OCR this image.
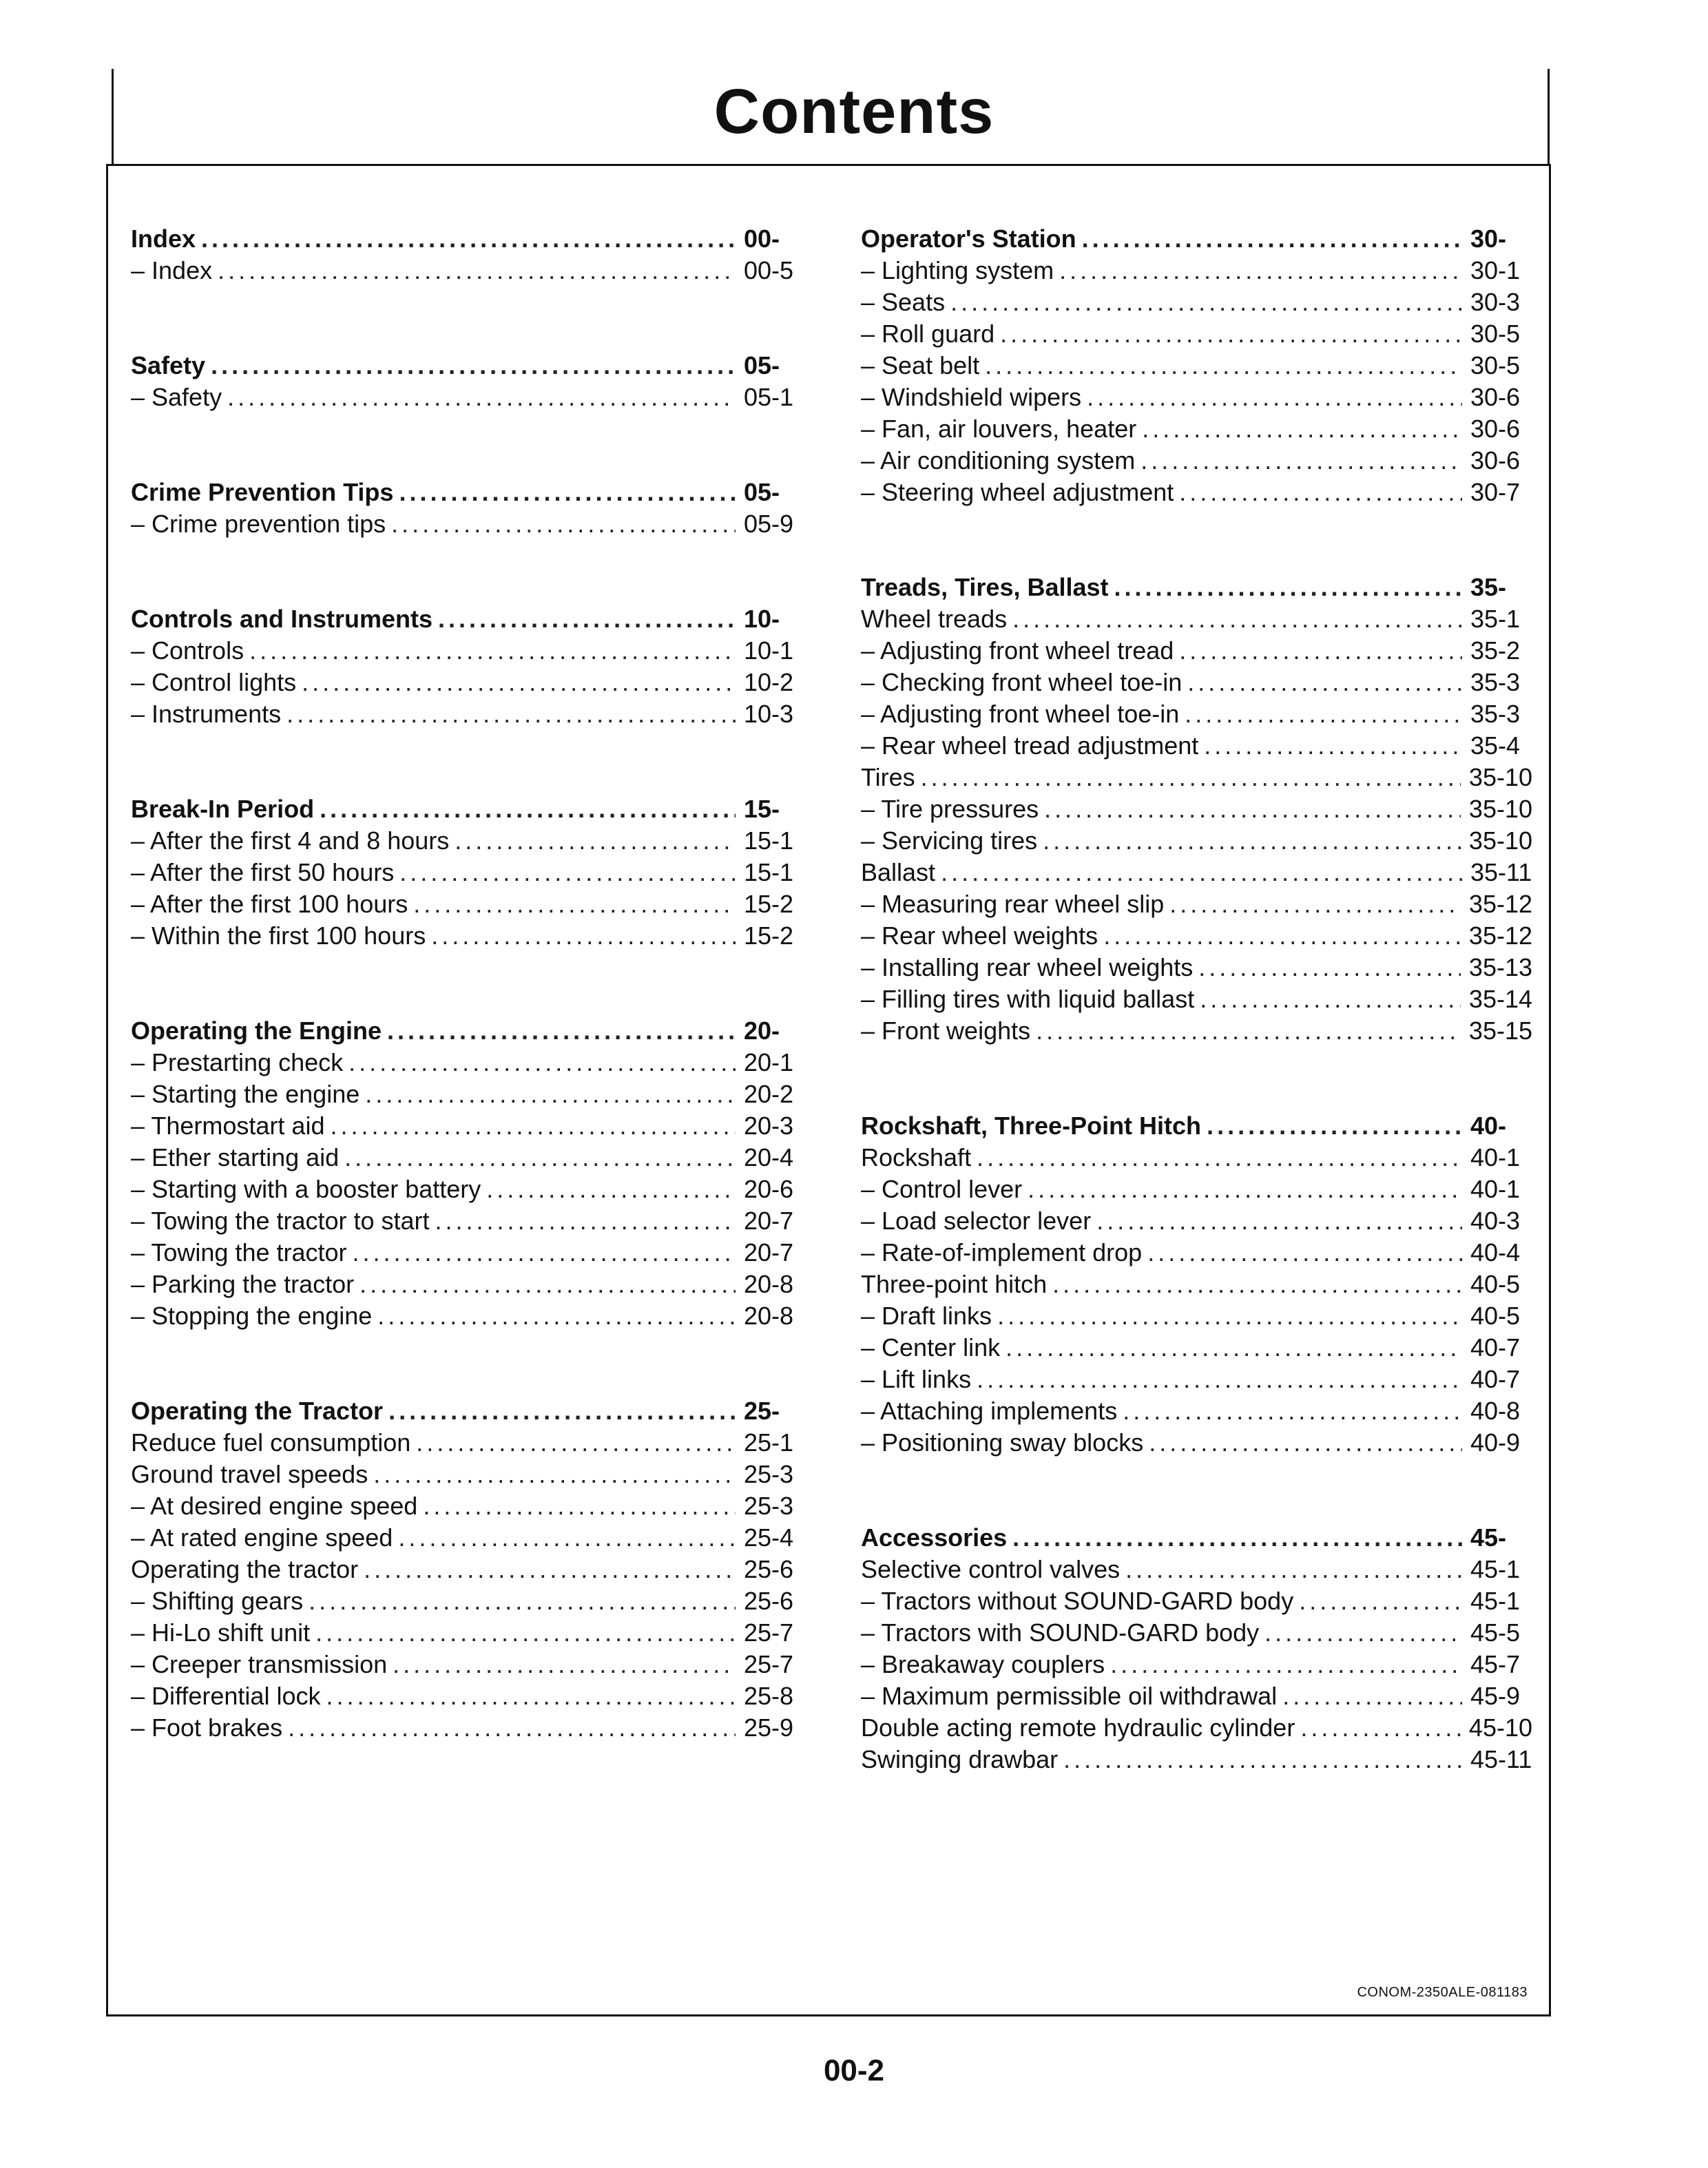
Contents
Index .....	00-
– Index .....	00-5
Safety .....	05-
– Safety .....	05-1
Crime Prevention Tips .....	05-
– Crime prevention tips .....	05-9
Controls and Instruments .....	10-
– Controls .....	10-1
– Control lights .....	10-2
– Instruments .....	10-3
Break-In Period .....	15-
– After the first 4 and 8 hours .....	15-1
– After the first 50 hours .....	15-1
– After the first 100 hours .....	15-2
– Within the first 100 hours .....	15-2
Operating the Engine .....	20-
– Prestarting check .....	20-1
– Starting the engine .....	20-2
– Thermostart aid .....	20-3
– Ether starting aid .....	20-4
– Starting with a booster battery .....	20-6
– Towing the tractor to start .....	20-7
– Towing the tractor .....	20-7
– Parking the tractor .....	20-8
– Stopping the engine .....	20-8
Operating the Tractor .....	25-
Reduce fuel consumption .....	25-1
Ground travel speeds .....	25-3
– At desired engine speed .....	25-3
– At rated engine speed .....	25-4
Operating the tractor .....	25-6
– Shifting gears .....	25-6
– Hi-Lo shift unit .....	25-7
– Creeper transmission .....	25-7
– Differential lock .....	25-8
– Foot brakes .....	25-9
Operator's Station .....	30-
– Lighting system .....	30-1
– Seats .....	30-3
– Roll guard .....	30-5
– Seat belt .....	30-5
– Windshield wipers .....	30-6
– Fan, air louvers, heater .....	30-6
– Air conditioning system .....	30-6
– Steering wheel adjustment .....	30-7
Treads, Tires, Ballast .....	35-
Wheel treads .....	35-1
– Adjusting front wheel tread .....	35-2
– Checking front wheel toe-in .....	35-3
– Adjusting front wheel toe-in .....	35-3
– Rear wheel tread adjustment .....	35-4
Tires .....	35-10
– Tire pressures .....	35-10
– Servicing tires .....	35-10
Ballast .....	35-11
– Measuring rear wheel slip .....	35-12
– Rear wheel weights .....	35-12
– Installing rear wheel weights .....	35-13
– Filling tires with liquid ballast .....	35-14
– Front weights .....	35-15
Rockshaft, Three-Point Hitch .....	40-
Rockshaft .....	40-1
– Control lever .....	40-1
– Load selector lever .....	40-3
– Rate-of-implement drop .....	40-4
Three-point hitch .....	40-5
– Draft links .....	40-5
– Center link .....	40-7
– Lift links .....	40-7
– Attaching implements .....	40-8
– Positioning sway blocks .....	40-9
Accessories .....	45-
Selective control valves .....	45-1
– Tractors without SOUND-GARD body .....	45-1
– Tractors with SOUND-GARD body .....	45-5
– Breakaway couplers .....	45-7
– Maximum permissible oil withdrawal .....	45-9
Double acting remote hydraulic cylinder .....	45-10
Swinging drawbar .....	45-11
CONOM-2350ALE-081183
00-2
